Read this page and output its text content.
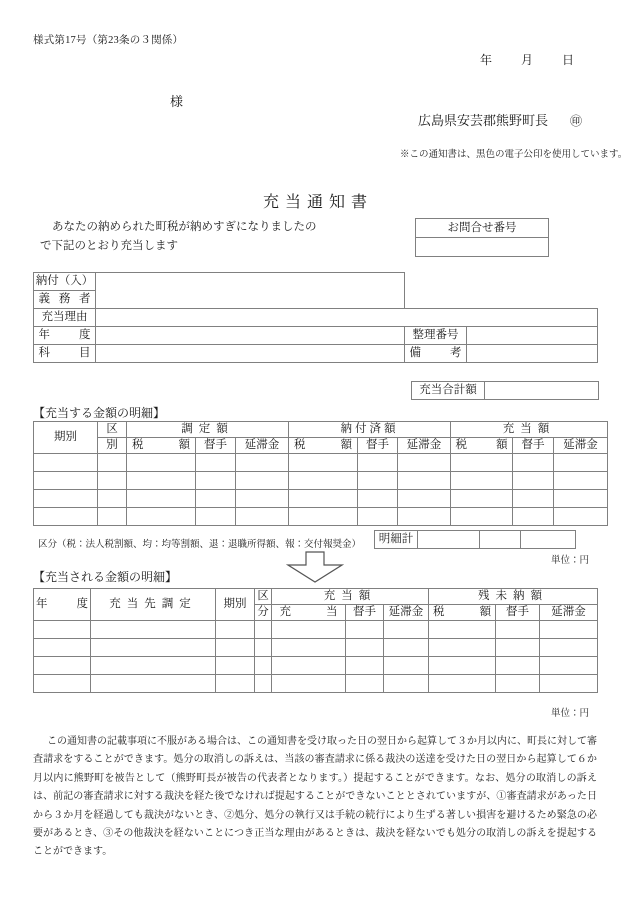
様式第17号（第23条の３関係）
年 月 日
様
広島県安芸郡熊野町長 ㊞
※この通知書は、黒色の電子公印を使用しています。
充当通知書
あなたの納められた町税が納めすぎになりましたの
で下記のとおり充当します
お問合せ番号
納付（入）			
義務者			
充当理由			
年度		整理番号	
科目		備考	
充当合計額
【充当する金額の明細】
期別	区	調定額			納付済額			充当額		
	別	税額	督手	延滞金	税額	督手	延滞金	税額	督手	延滞金

区分（税：法人税割額、均：均等割額、退：退職所得額、報：交付報奨金）	明細計
単位：円
【充当される金額の明細】
年度	充当先調定	期別	区	充当額			残未納額		
			分	充当	督手	延滞金	税額	督手	延滞金

単位：円
この通知書の記載事項に不服がある場合は、この通知書を受け取った日の翌日から起算して３か月以内に、町長に対して審査請求をすることができます。処分の取消しの訴えは、当該の審査請求に係る裁決の送達を受けた日の翌日から起算して６か月以内に熊野町を被告として（熊野町長が被告の代表者となります。）提起することができます。なお、処分の取消しの訴えは、前記の審査請求に対する裁決を経た後でなければ提起することができないこととされていますが、①審査請求があった日から３か月を経過しても裁決がないとき、②処分、処分の執行又は手続の続行により生ずる著しい損害を避けるため緊急の必要があるとき、③その他裁決を経ないことにつき正当な理由があるときは、裁決を経ないでも処分の取消しの訴えを提起することができます。
